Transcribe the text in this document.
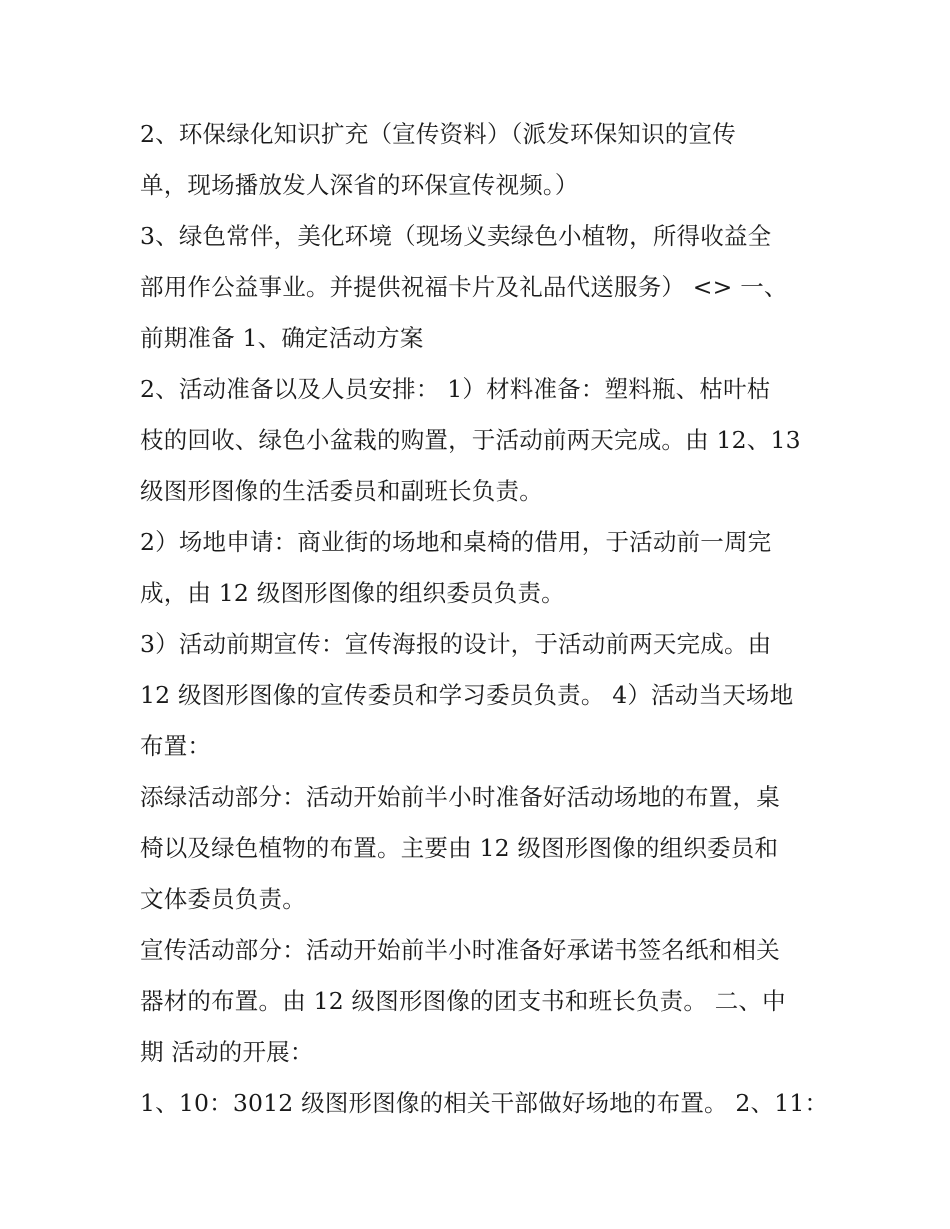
2、环保绿化知识扩充（宣传资料）（派发环保知识的宣传
单，现场播放发人深省的环保宣传视频。）
3、绿色常伴，美化环境（现场义卖绿色小植物，所得收益全
部用作公益事业。并提供祝福卡片及礼品代送服务） <> 一、
前期准备 1、确定活动方案
2、活动准备以及人员安排： 1）材料准备：塑料瓶、枯叶枯
枝的回收、绿色小盆栽的购置，于活动前两天完成。由 12、13
级图形图像的生活委员和副班长负责。
2）场地申请：商业街的场地和桌椅的借用，于活动前一周完
成，由 12 级图形图像的组织委员负责。
3）活动前期宣传：宣传海报的设计，于活动前两天完成。由
12 级图形图像的宣传委员和学习委员负责。 4）活动当天场地
布置：
添绿活动部分：活动开始前半小时准备好活动场地的布置，桌
椅以及绿色植物的布置。主要由 12 级图形图像的组织委员和
文体委员负责。
宣传活动部分：活动开始前半小时准备好承诺书签名纸和相关
器材的布置。由 12 级图形图像的团支书和班长负责。 二、中
期 活动的开展：
1、10：3012 级图形图像的相关干部做好场地的布置。 2、11：
